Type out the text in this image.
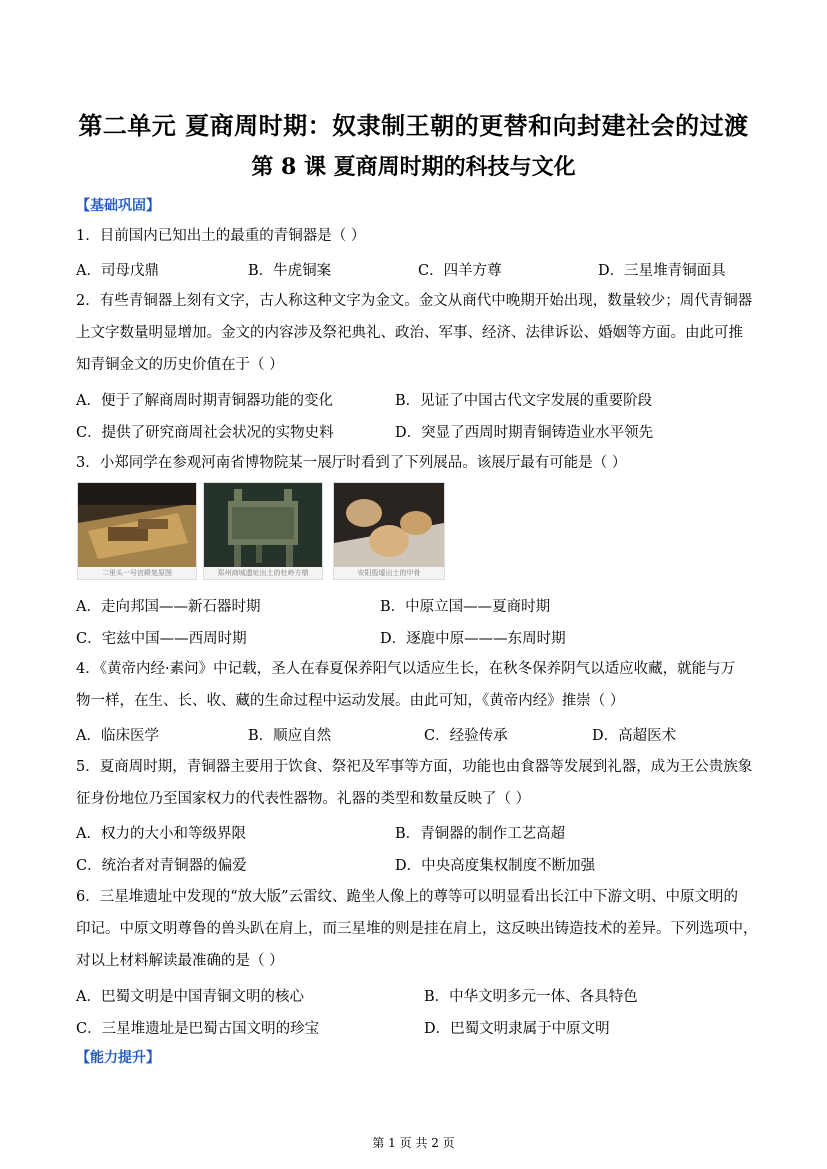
第二单元 夏商周时期：奴隶制王朝的更替和向封建社会的过渡
第 8 课 夏商周时期的科技与文化
【基础巩固】
1．目前国内已知出土的最重的青铜器是（ ）
A．司母戊鼎	B．牛虎铜案	C．四羊方尊	D．三星堆青铜面具
2．有些青铜器上刻有文字，古人称这种文字为金文。金文从商代中晚期开始出现，数量较少；周代青铜器
上文字数量明显增加。金文的内容涉及祭祀典礼、政治、军事、经济、法律诉讼、婚姻等方面。由此可推
知青铜金文的历史价值在于（ ）
A．便于了解商周时期青铜器功能的变化	B．见证了中国古代文字发展的重要阶段
C．提供了研究商周社会状况的实物史料	D．突显了西周时期青铜铸造业水平领先
3．小郑同学在参观河南省博物院某一展厅时看到了下列展品。该展厅最有可能是（ ）
二里头一号宫殿复原图	郑州商城遗址出土的杜岭方鼎	安阳殷墟出土的甲骨
A．走向邦国——新石器时期	B．中原立国——夏商时期
C．宅兹中国——西周时期	D．逐鹿中原———东周时期
4．《黄帝内经·素问》中记载，圣人在春夏保养阳气以适应生长，在秋冬保养阴气以适应收藏，就能与万
物一样，在生、长、收、藏的生命过程中运动发展。由此可知，《黄帝内经》推崇（ ）
A．临床医学	B．顺应自然	C．经验传承	D．高超医术
5．夏商周时期，青铜器主要用于饮食、祭祀及军事等方面，功能也由食器等发展到礼器，成为王公贵族象
征身份地位乃至国家权力的代表性器物。礼器的类型和数量反映了（ ）
A．权力的大小和等级界限	B．青铜器的制作工艺高超
C．统治者对青铜器的偏爱	D．中央高度集权制度不断加强
6．三星堆遗址中发现的“放大版”云雷纹、跪坐人像上的尊等可以明显看出长江中下游文明、中原文明的
印记。中原文明尊鲁的兽头趴在肩上，而三星堆的则是挂在肩上，这反映出铸造技术的差异。下列选项中，
对以上材料解读最准确的是（ ）
A．巴蜀文明是中国青铜文明的核心	B．中华文明多元一体、各具特色
C．三星堆遗址是巴蜀古国文明的珍宝	D．巴蜀文明隶属于中原文明
【能力提升】
第 1 页 共 2 页
